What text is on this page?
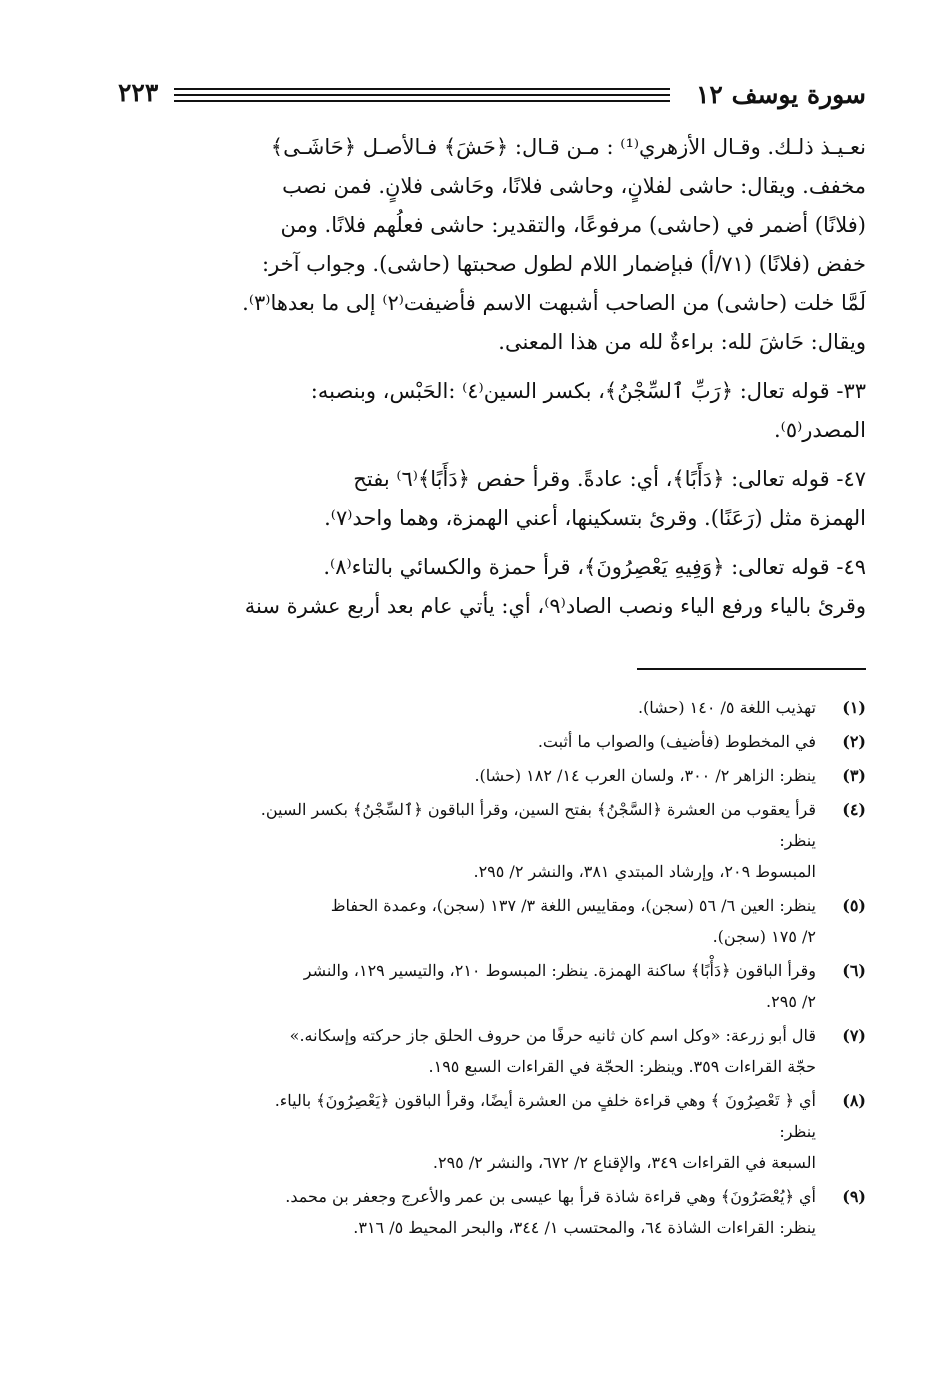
سورة يوسف ١٢
٢٢٣
نعـيـذ ذلـك. وقـال الأزهري⁽¹⁾ : مـن قـال: ﴿حَشَ﴾ فـالأصـل ﴿حَاشَـى﴾
مخفف. ويقال: حاشى لفلانٍ، وحاشى فلانًا، وحَاشى فلانٍ. فمن نصب
(فلانًا) أضمر في (حاشى) مرفوعًا، والتقدير: حاشى فعلُهم فلانًا. ومن
خفض (فلانًا) (٧١/أ) فبإضمار اللام لطول صحبتها (حاشى). وجواب آخر:
لَمَّا خلت (حاشى) من الصاحب أشبهت الاسم فأضيفت⁽٢⁾ إلى ما بعدها⁽٣⁾.
ويقال: حَاشَ لله: براءةٌ لله من هذا المعنى.
٣٣- قوله تعال: ﴿رَبِّ ٱلسِّجْنُ﴾، بكسر السين⁽٤⁾ :الحَبْس، وبنصبه:
المصدر⁽٥⁾.
٤٧- قوله تعالى: ﴿دَأَبًا﴾، أي: عادةً. وقرأ حفص ﴿دَأَبًا﴾⁽٦⁾ بفتح
الهمزة مثل (رَعَنًا). وقرئ بتسكينها، أعني الهمزة، وهما واحد⁽٧⁾.
٤٩- قوله تعالى: ﴿وَفِيهِ يَعْصِرُونَ﴾، قرأ حمزة والكسائي بالتاء⁽٨⁾.
وقرئ بالياء ورفع الياء ونصب الصاد⁽٩⁾، أي: يأتي عام بعد أربع عشرة سنة
(١)
تهذيب اللغة ٥/ ١٤٠ (حشا).
(٢)
في المخطوط (فأضيف) والصواب ما أثبت.
(٣)
ينظر: الزاهر ٢/ ٣٠٠، ولسان العرب ١٤/ ١٨٢ (حشا).
(٤)
قرأ يعقوب من العشرة ﴿السَّجْنُ﴾ بفتح السين، وقرأ الباقون ﴿ٱلسِّجْنُ﴾ بكسر السين.
ينظر:
المبسوط ٢٠٩، وإرشاد المبتدي ٣٨١، والنشر ٢/ ٢٩٥.
(٥)
ينظر: العين ٦/ ٥٦ (سجن)، ومقاييس اللغة ٣/ ١٣٧ (سجن)، وعمدة الحفاظ
٢/ ١٧٥ (سجن).
(٦)
وقرأ الباقون ﴿دَأْبًا﴾ ساكنة الهمزة. ينظر: المبسوط ٢١٠، والتيسير ١٢٩، والنشر
٢/ ٢٩٥.
(٧)
قال أبو زرعة: «وكل اسم كان ثانيه حرفًا من حروف الحلق جاز حركته وإسكانه.»
حجّة القراءات ٣٥٩. وينظر: الحجّة في القراءات السبع ١٩٥.
(٨)
أي ﴿ تَعْصِرُونَ ﴾ وهي قراءة خلفٍ من العشرة أيضًا، وقرأ الباقون ﴿يَعْصِرُونَ﴾ بالياء.
ينظر:
السبعة في القراءات ٣٤٩، والإقناع ٢/ ٦٧٢، والنشر ٢/ ٢٩٥.
(٩)
أي ﴿يُعْصَرُونَ﴾ وهي قراءة شاذة قرأ بها عيسى بن عمر والأعرج وجعفر بن محمد.
ينظر: القراءات الشاذة ٦٤، والمحتسب ١/ ٣٤٤، والبحر المحيط ٥/ ٣١٦.
